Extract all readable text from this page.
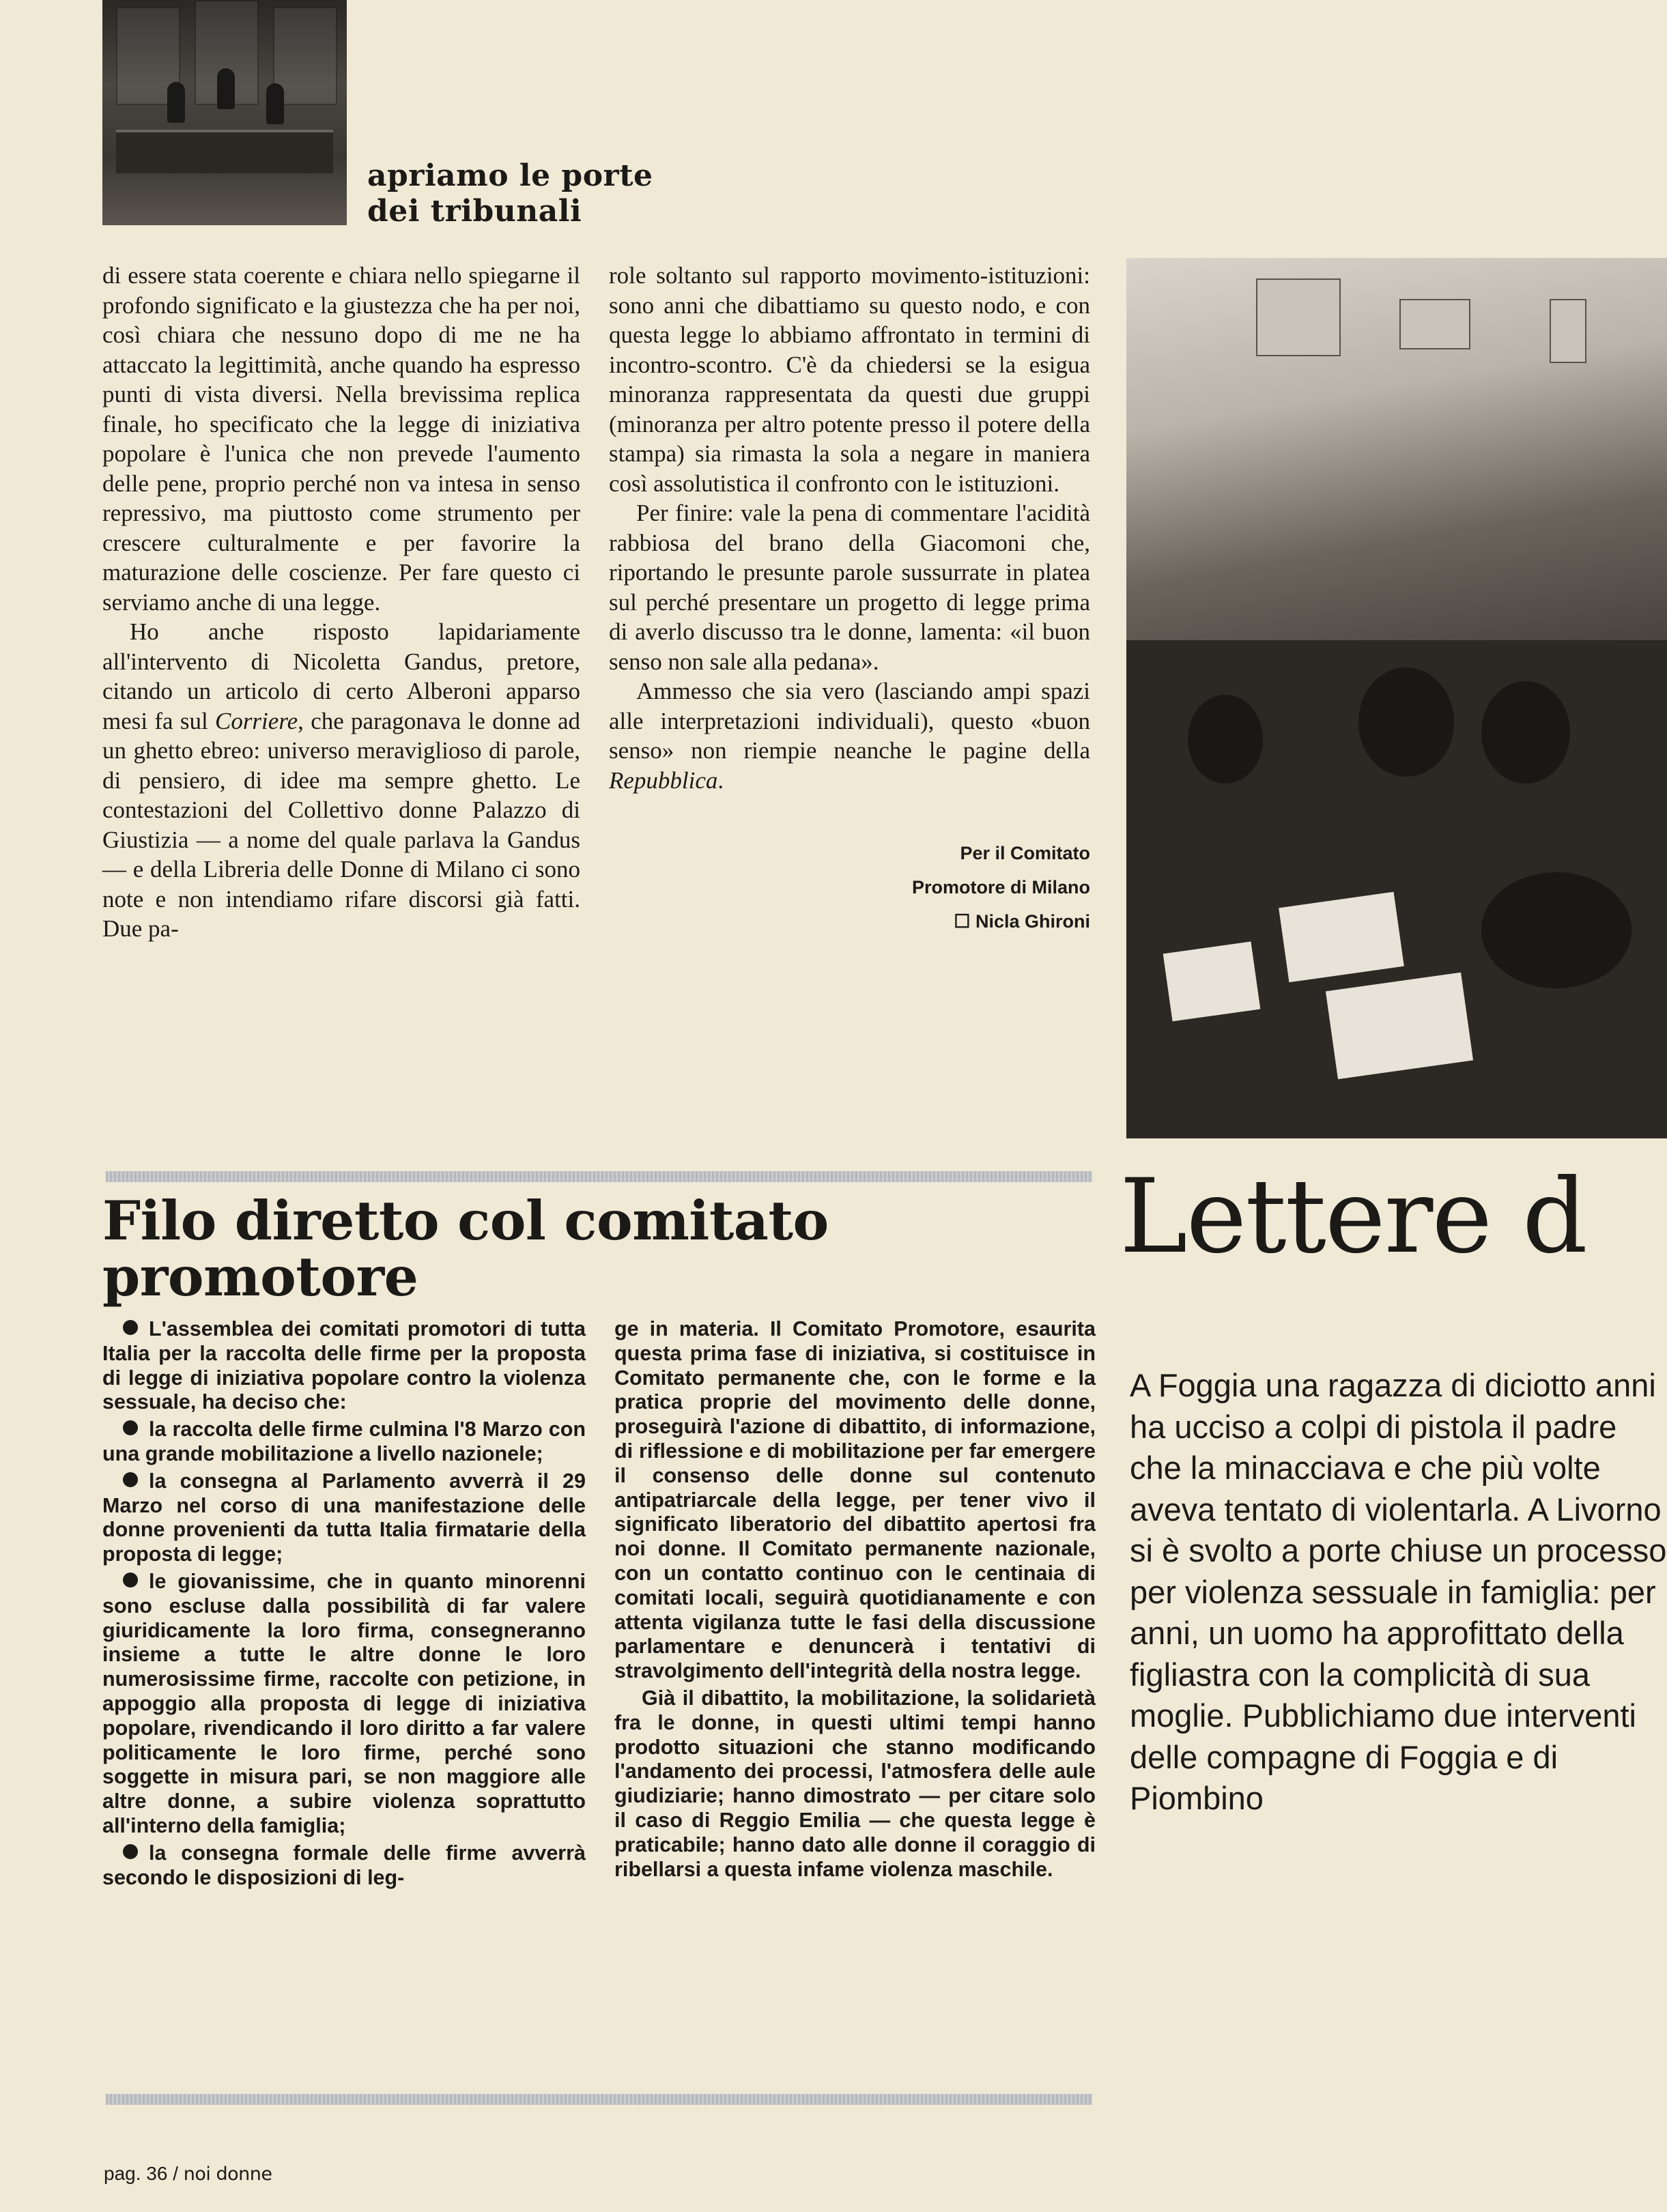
apriamo le porte
dei tribunali

di essere stata coerente e chiara nello spiegarne il profondo significato e la giustezza che ha per noi, così chiara che nessuno dopo di me ne ha attaccato la legittimità, anche quando ha espresso punti di vista diversi. Nella brevissima replica finale, ho specificato che la legge di iniziativa popolare è l'unica che non prevede l'aumento delle pene, proprio perché non va intesa in senso repressivo, ma piuttosto come strumento per crescere culturalmente e per favorire la maturazione delle coscienze. Per fare questo ci serviamo anche di una legge.

Ho anche risposto lapidariamente all'intervento di Nicoletta Gandus, pretore, citando un articolo di certo Alberoni apparso mesi fa sul Corriere, che paragonava le donne ad un ghetto ebreo: universo meraviglioso di parole, di pensiero, di idee ma sempre ghetto. Le contestazioni del Collettivo donne Palazzo di Giustizia — a nome del quale parlava la Gandus — e della Libreria delle Donne di Milano ci sono note e non intendiamo rifare discorsi già fatti. Due pa-

role soltanto sul rapporto movimento-istituzioni: sono anni che dibattiamo su questo nodo, e con questa legge lo abbiamo affrontato in termini di incontro-scontro. C'è da chiedersi se la esigua minoranza rappresentata da questi due gruppi (minoranza per altro potente presso il potere della stampa) sia rimasta la sola a negare in maniera così assolutistica il confronto con le istituzioni.

Per finire: vale la pena di commentare l'acidità rabbiosa del brano della Giacomoni che, riportando le presunte parole sussurrate in platea sul perché presentare un progetto di legge prima di averlo discusso tra le donne, lamenta: «il buon senso non sale alla pedana».

Ammesso che sia vero (lasciando ampi spazi alle interpretazioni individuali), questo «buon senso» non riempie neanche le pagine della Repubblica.

Per il Comitato
Promotore di Milano
☐ Nicla Ghironi
Filo diretto col comitato
promotore
Lettere d

L'assemblea dei comitati promotori di tutta Italia per la raccolta delle firme per la proposta di legge di iniziativa popolare contro la violenza sessuale, ha deciso che:

la raccolta delle firme culmina l'8 Marzo con una grande mobilitazione a livello nazionele;

la consegna al Parlamento avverrà il 29 Marzo nel corso di una manifestazione delle donne provenienti da tutta Italia firmatarie della proposta di legge;

le giovanissime, che in quanto minorenni sono escluse dalla possibilità di far valere giuridicamente la loro firma, consegneranno insieme a tutte le altre donne le loro numerosissime firme, raccolte con petizione, in appoggio alla proposta di legge di iniziativa popolare, rivendicando il loro diritto a far valere politicamente le loro firme, perché sono soggette in misura pari, se non maggiore alle altre donne, a subire violenza soprattutto all'interno della famiglia;

la consegna formale delle firme avverrà secondo le disposizioni di leg-

ge in materia. Il Comitato Promotore, esaurita questa prima fase di iniziativa, si costituisce in Comitato permanente che, con le forme e la pratica proprie del movimento delle donne, proseguirà l'azione di dibattito, di informazione, di riflessione e di mobilitazione per far emergere il consenso delle donne sul contenuto antipatriarcale della legge, per tener vivo il significato liberatorio del dibattito apertosi fra noi donne. Il Comitato permanente nazionale, con un contatto continuo con le centinaia di comitati locali, seguirà quotidianamente e con attenta vigilanza tutte le fasi della discussione parlamentare e denuncerà i tentativi di stravolgimento dell'integrità della nostra legge.

Già il dibattito, la mobilitazione, la solidarietà fra le donne, in questi ultimi tempi hanno prodotto situazioni che stanno modificando l'andamento dei processi, l'atmosfera delle aule giudiziarie; hanno dimostrato — per citare solo il caso di Reggio Emilia — che questa legge è praticabile; hanno dato alle donne il coraggio di ribellarsi a questa infame violenza maschile.

A Foggia una ragazza di diciotto anni ha ucciso a colpi di pistola il padre che la minacciava e che più volte aveva tentato di violentarla. A Livorno si è svolto a porte chiuse un processo per violenza sessuale in famiglia: per anni, un uomo ha approfittato della figliastra con la complicità di sua moglie. Pubblichiamo due interventi delle compagne di Foggia e di Piombino
pag. 36 / noi donne
